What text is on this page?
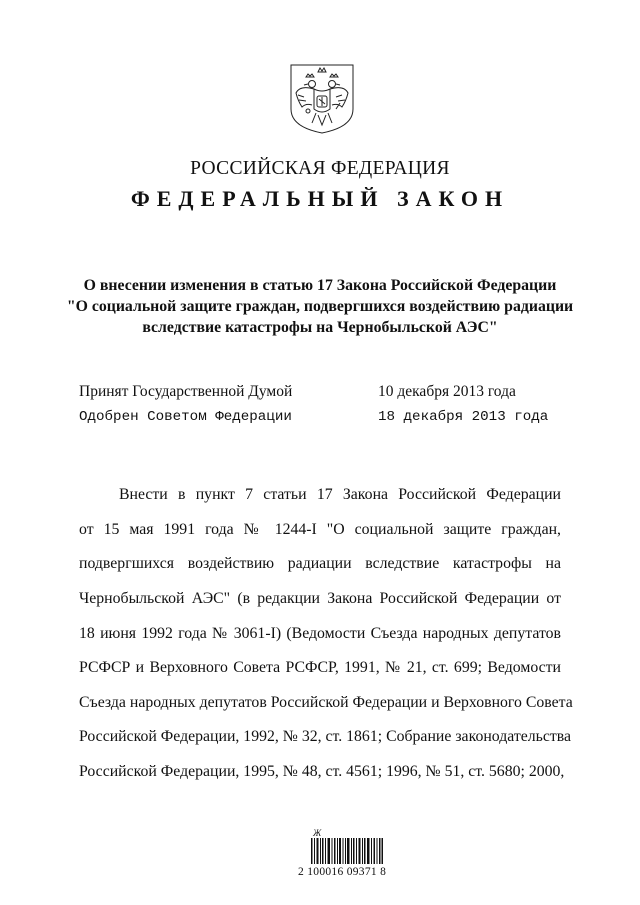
РОССИЙСКАЯ ФЕДЕРАЦИЯ
ФЕДЕРАЛЬНЫЙ ЗАКОН
О внесении изменения в статью 17 Закона Российской Федерации
"О социальной защите граждан, подвергшихся воздействию радиации
вследствие катастрофы на Чернобыльской АЭС"
Принят Государственной Думой	10 декабря 2013 года
Одобрен Советом Федерации	18 декабря 2013 года
Внести в пункт 7 статьи 17 Закона Российской Федерации
от 15 мая 1991 года № 1244-I "О социальной защите граждан,
подвергшихся воздействию радиации вследствие катастрофы на
Чернобыльской АЭС" (в редакции Закона Российской Федерации от
18 июня 1992 года № 3061-I) (Ведомости Съезда народных депутатов
РСФСР и Верховного Совета РСФСР, 1991, № 21, ст. 699; Ведомости
Съезда народных депутатов Российской Федерации и Верховного Совета
Российской Федерации, 1992, № 32, ст. 1861; Собрание законодательства
Российской Федерации, 1995, № 48, ст. 4561; 1996, № 51, ст. 5680; 2000,
Ж
2 100016 09371 8
